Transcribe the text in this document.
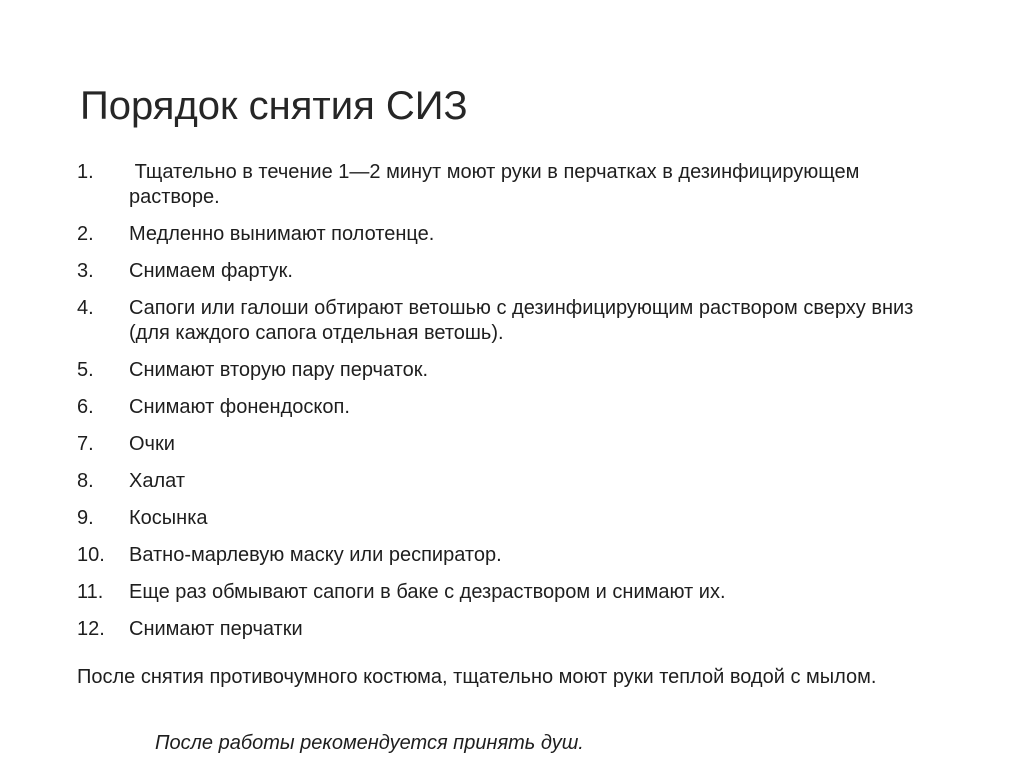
Порядок снятия СИЗ
1.	Тщательно в течение 1—2 минут моют руки в перчатках в дезинфицирующем растворе.
2.	Медленно вынимают полотенце.
3.	Снимаем фартук.
4.	Сапоги или галоши обтирают ветошью с дезинфицирующим раствором сверху вниз (для каждого сапога отдельная ветошь).
5.	Снимают вторую пару перчаток.
6.	Снимают фонендоскоп.
7.	Очки
8.	Халат
9.	Косынка
10.	Ватно-марлевую маску или респиратор.
11.	Еще раз обмывают сапоги в баке с дезраствором и снимают их.
12.	Снимают перчатки

После снятия противочумного костюма, тщательно моют руки теплой водой с мылом.

После работы рекомендуется принять душ.
